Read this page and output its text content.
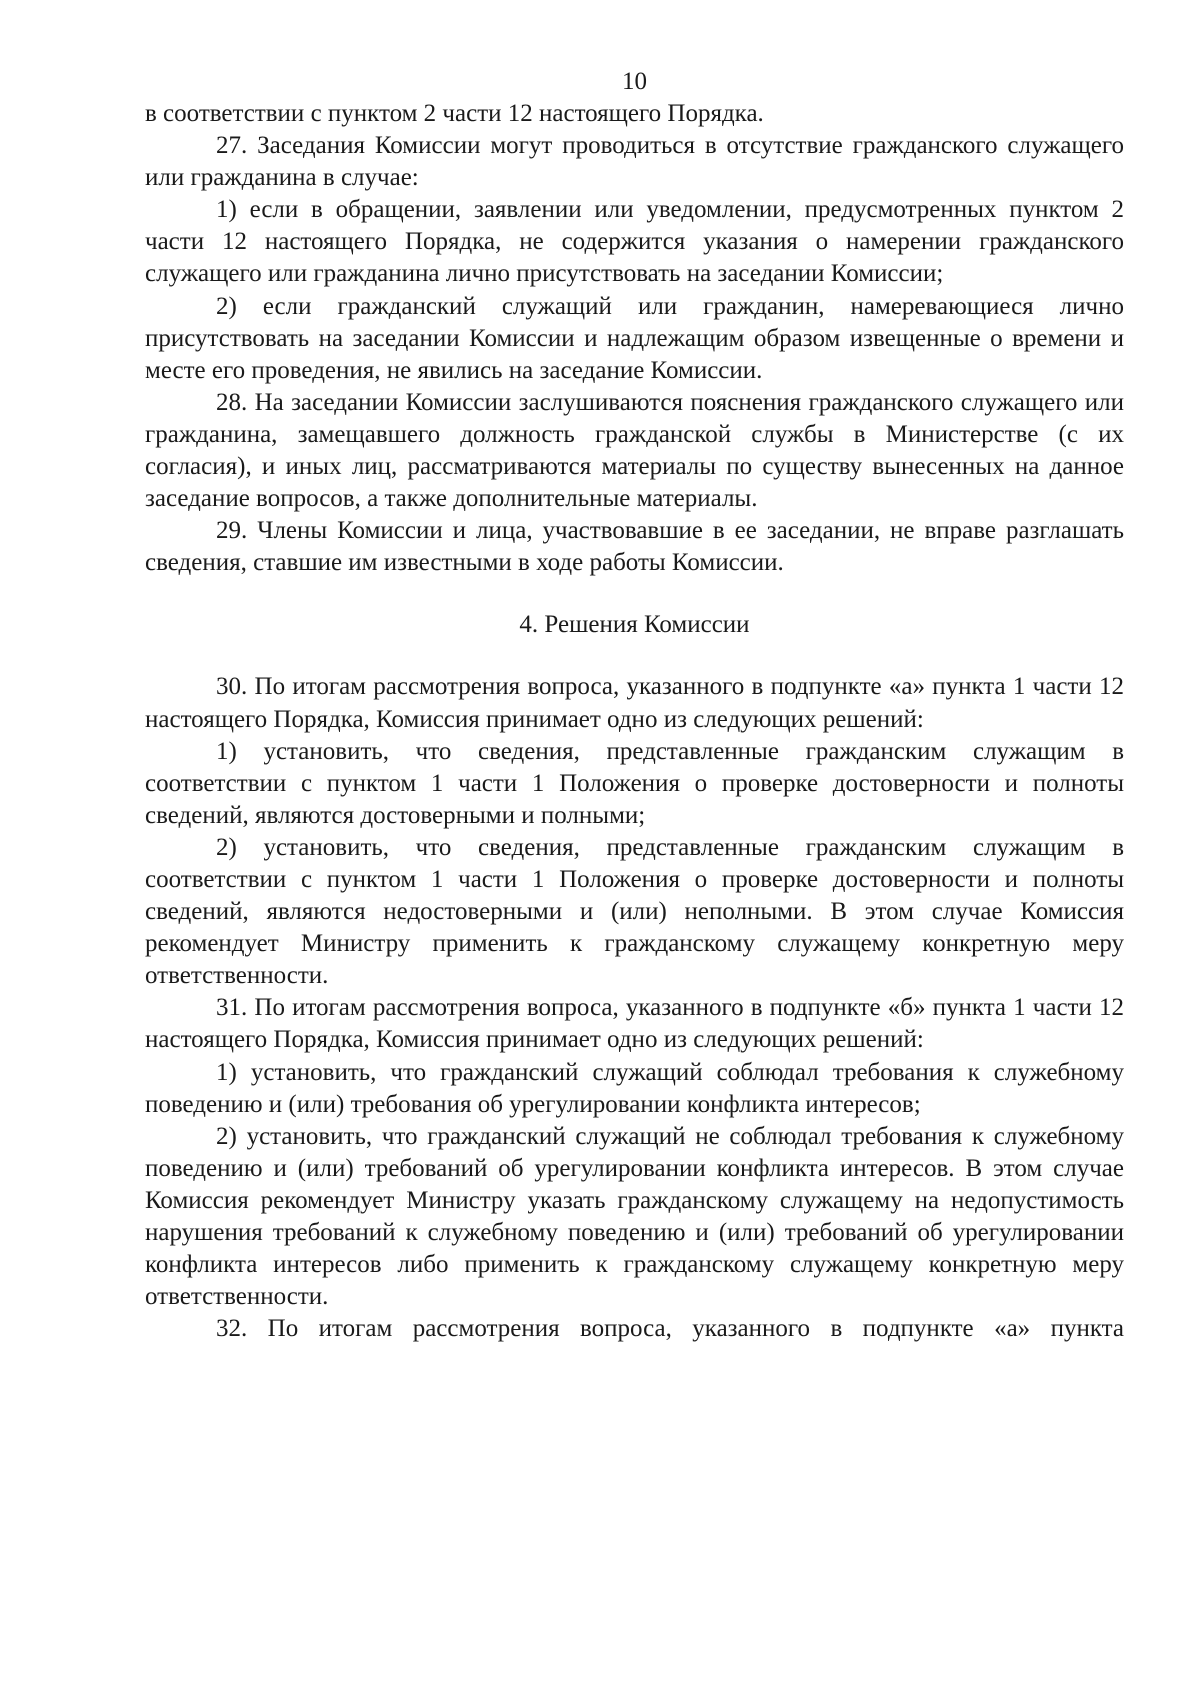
10

в соответствии с пунктом 2 части 12 настоящего Порядка.

27. Заседания Комиссии могут проводиться в отсутствие гражданского служащего или гражданина в случае:

1) если в обращении, заявлении или уведомлении, предусмотренных пунктом 2 части 12 настоящего Порядка, не содержится указания о намерении гражданского служащего или гражданина лично присутствовать на заседании Комиссии;

2) если гражданский служащий или гражданин, намеревающиеся лично присутствовать на заседании Комиссии и надлежащим образом извещенные о времени и месте его проведения, не явились на заседание Комиссии.

28. На заседании Комиссии заслушиваются пояснения гражданского служащего или гражданина, замещавшего должность гражданской службы в Министерстве (с их согласия), и иных лиц, рассматриваются материалы по существу вынесенных на данное заседание вопросов, а также дополнительные материалы.

29. Члены Комиссии и лица, участвовавшие в ее заседании, не вправе разглашать сведения, ставшие им известными в ходе работы Комиссии.

4. Решения Комиссии

30. По итогам рассмотрения вопроса, указанного в подпункте «а» пункта 1 части 12 настоящего Порядка, Комиссия принимает одно из следующих решений:

1) установить, что сведения, представленные гражданским служащим в соответствии с пунктом 1 части 1 Положения о проверке достоверности и полноты сведений, являются достоверными и полными;

2) установить, что сведения, представленные гражданским служащим в соответствии с пунктом 1 части 1 Положения о проверке достоверности и полноты сведений, являются недостоверными и (или) неполными. В этом случае Комиссия рекомендует Министру применить к гражданскому служащему конкретную меру ответственности.

31. По итогам рассмотрения вопроса, указанного в подпункте «б» пункта 1 части 12 настоящего Порядка, Комиссия принимает одно из следующих решений:

1) установить, что гражданский служащий соблюдал требования к служебному поведению и (или) требования об урегулировании конфликта интересов;

2) установить, что гражданский служащий не соблюдал требования к служебному поведению и (или) требований об урегулировании конфликта интересов. В этом случае Комиссия рекомендует Министру указать гражданскому служащему на недопустимость нарушения требований к служебному поведению и (или) требований об урегулировании конфликта интересов либо применить к гражданскому служащему конкретную меру ответственности.

32. По итогам рассмотрения вопроса, указанного в подпункте «а» пункта
